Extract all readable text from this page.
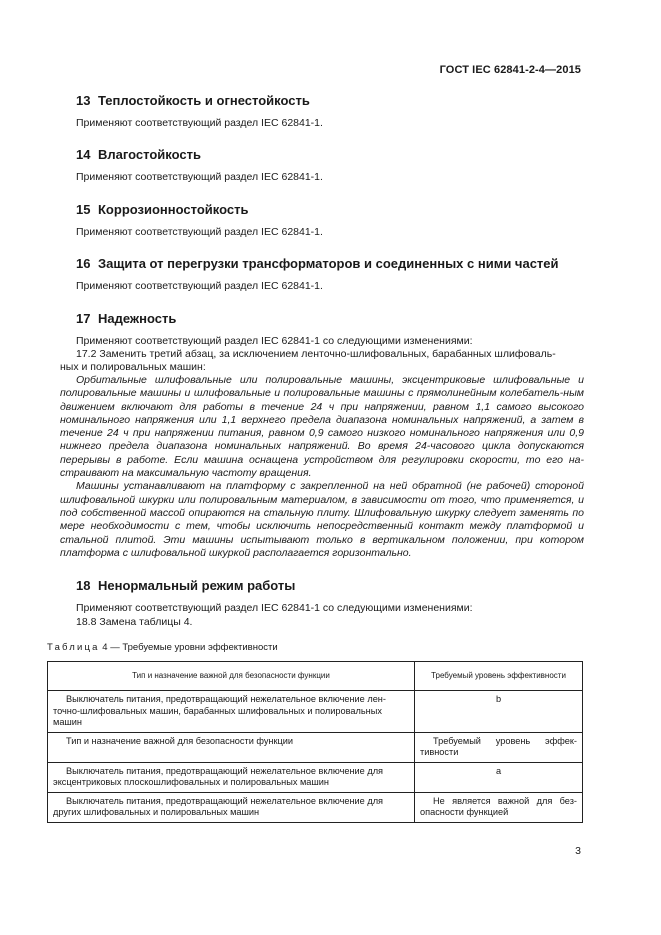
ГОСТ IEC 62841-2-4—2015
13 Теплостойкость и огнестойкость
Применяют соответствующий раздел IEC 62841-1.
14 Влагостойкость
Применяют соответствующий раздел IEC 62841-1.
15 Коррозионностойкость
Применяют соответствующий раздел IEC 62841-1.
16 Защита от перегрузки трансформаторов и соединенных с ними частей
Применяют соответствующий раздел IEC 62841-1.
17 Надежность
Применяют соответствующий раздел IEC 62841-1 со следующими изменениями:
17.2 Заменить третий абзац, за исключением ленточно-шлифовальных, барабанных шлифоваль-
ных и полировальных машин:

Орбитальные шлифовальные или полировальные машины, эксцентриковые шлифовальные и полировальные машины и шлифовальные и полировальные машины с прямолинейным колебатель-ным движением включают для работы в течение 24 ч при напряжении, равном 1,1 самого высокого номинального напряжения или 1,1 верхнего предела диапазона номинальных напряжений, а затем в течение 24 ч при напряжении питания, равном 0,9 самого низкого номинального напряжения или 0,9 нижнего предела диапазона номинальных напряжений. Во время 24-часового цикла допускаются перерывы в работе. Если машина оснащена устройством для регулировки скорости, то его на-страивают на максимальную частоту вращения.

Машины устанавливают на платформу с закрепленной на ней обратной (не рабочей) стороной шлифовальной шкурки или полировальным материалом, в зависимости от того, что применяется, и под собственной массой опираются на стальную плиту. Шлифовальную шкурку следует заменять по мере необходимости с тем, чтобы исключить непосредственный контакт между платформой и стальной плитой. Эти машины испытывают только в вертикальном положении, при котором платформа с шлифовальной шкуркой располагается горизонтально.

18 Ненормальный режим работы
Применяют соответствующий раздел IEC 62841-1 со следующими изменениями:
18.8 Замена таблицы 4.
Таблица 4 — Требуемые уровни эффективности
Тип и назначение важной для безопасности функции	Требуемый уровень эффективности

Выключатель питания, предотвращающий нежелательное включение лен-точно-шлифовальных машин, барабанных шлифовальных и полировальных машин	b

Тип и назначение важной для безопасности функции	Требуемый уровень эффек-тивности

Выключатель питания, предотвращающий нежелательное включение для эксцентриковых плоскошлифовальных и полировальных машин	a

Выключатель питания, предотвращающий нежелательное включение для других шлифовальных и полировальных машин	Не является важной для без-опасности функцией
3
